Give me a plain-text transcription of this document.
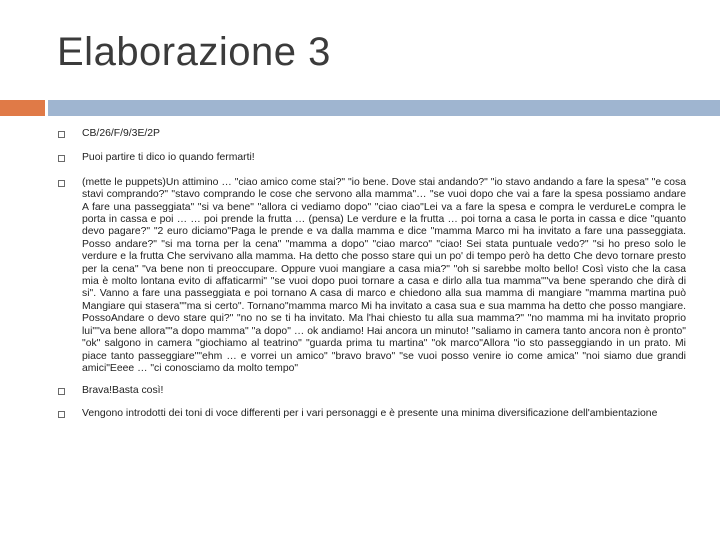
Elaborazione 3
CB/26/F/9/3E/2P
Puoi partire ti dico io quando fermarti!
(mette le puppets)Un attimino … "ciao amico come stai?" "io bene. Dove stai andando?" "io stavo andando a fare la spesa" "e cosa stavi comprando?" "stavo comprando le cose che servono alla mamma"… "se vuoi dopo che vai a fare la spesa possiamo andare A fare una passeggiata" "si va bene" "allora ci vediamo dopo" "ciao ciao"Lei va a fare la spesa e compra le verdureLe compra le porta in cassa e poi … … poi prende la frutta … (pensa) Le verdure e la frutta … poi torna a casa le porta in cassa e dice "quanto devo pagare?" "2 euro diciamo"Paga le prende e va dalla mamma e dice "mamma Marco mi ha invitato a fare una passeggiata. Posso andare?" "si ma torna per la cena" "mamma a dopo" "ciao marco" "ciao! Sei stata puntuale vedo?" "si ho preso solo le verdure e la frutta Che servivano alla mamma. Ha detto che posso stare qui un po' di tempo però ha detto Che devo tornare presto per la cena" "va bene non ti preoccupare. Oppure vuoi mangiare a casa mia?" "oh si sarebbe molto bello! Così visto che la casa mia è molto lontana evito di affaticarmi" "se vuoi dopo puoi tornare a casa e dirlo alla tua mamma""va bene sperando che dirà di si". Vanno a fare una passeggiata e poi tornano A casa di marco e chiedono alla sua mamma di mangiare "mamma martina può Mangiare qui stasera""ma si certo". Tornano"mamma marco Mi ha invitato a casa sua e sua mamma ha detto che posso mangiare. PossoAndare o devo stare qui?" "no no se ti ha invitato. Ma l'hai chiesto tu alla sua mamma?" "no mamma mi ha invitato proprio lui""va bene allora""a dopo mamma" "a dopo" … ok andiamo! Hai ancora un minuto! "saliamo in camera tanto ancora non è pronto" "ok" salgono in camera "giochiamo al teatrino" "guarda prima tu martina" "ok marco"Allora "io sto passeggiando in un prato. Mi piace tanto passeggiare""ehm … e vorrei un amico" "bravo bravo" "se vuoi posso venire io come amica" "noi siamo due grandi amici"Eeee … "ci conosciamo da molto tempo"
Brava!Basta così!
Vengono introdotti dei toni di voce differenti per i vari personaggi e è presente una minima diversificazione dell'ambientazione
